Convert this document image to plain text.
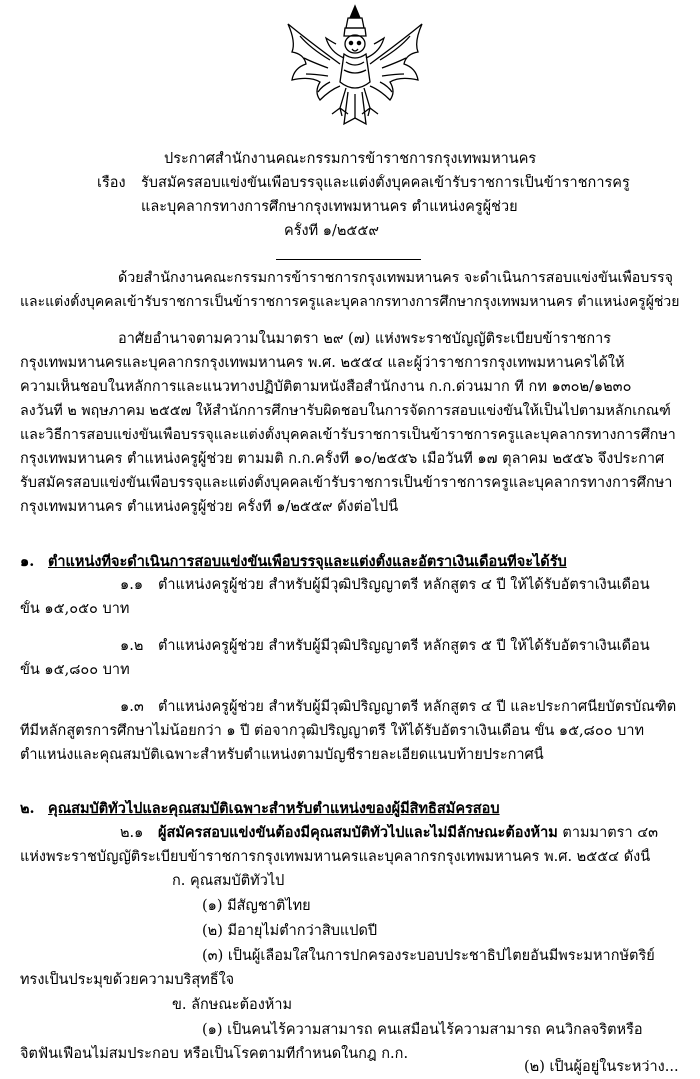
ประกาศสำนักงานคณะกรรมการข้าราชการกรุงเทพมหานคร
เรื่อง รับสมัครสอบแข่งขันเพื่อบรรจุและแต่งตั้งบุคคลเข้ารับราชการเป็นข้าราชการครู
และบุคลากรทางการศึกษากรุงเทพมหานคร ตำแหน่งครูผู้ช่วย
ครั้งที่ ๑/๒๕๕๙
ด้วยสำนักงานคณะกรรมการข้าราชการกรุงเทพมหานคร จะดำเนินการสอบแข่งขันเพื่อบรรจุ
และแต่งตั้งบุคคลเข้ารับราชการเป็นข้าราชการครูและบุคลากรทางการศึกษากรุงเทพมหานคร ตำแหน่งครูผู้ช่วย
อาศัยอำนาจตามความในมาตรา ๒๙ (๗) แห่งพระราชบัญญัติระเบียบข้าราชการ
กรุงเทพมหานครและบุคลากรกรุงเทพมหานคร พ.ศ. ๒๕๕๔ และผู้ว่าราชการกรุงเทพมหานครได้ให้
ความเห็นชอบในหลักการและแนวทางปฏิบัติตามหนังสือสำนักงาน ก.ก.ด่วนมาก ที่ กท ๑๓๐๒/๑๒๓๐
ลงวันที่ ๒ พฤษภาคม ๒๕๕๗ ให้สำนักการศึกษารับผิดชอบในการจัดการสอบแข่งขันให้เป็นไปตามหลักเกณฑ์
และวิธีการสอบแข่งขันเพื่อบรรจุและแต่งตั้งบุคคลเข้ารับราชการเป็นข้าราชการครูและบุคลากรทางการศึกษา
กรุงเทพมหานคร ตำแหน่งครูผู้ช่วย ตามมติ ก.ก.ครั้งที่ ๑๐/๒๕๕๖ เมื่อวันที่ ๑๗ ตุลาคม ๒๕๕๖ จึงประกาศ
รับสมัครสอบแข่งขันเพื่อบรรจุและแต่งตั้งบุคคลเข้ารับราชการเป็นข้าราชการครูและบุคลากรทางการศึกษา
กรุงเทพมหานคร ตำแหน่งครูผู้ช่วย ครั้งที่ ๑/๒๕๕๙ ดังต่อไปนี้
๑. ตำแหน่งที่จะดำเนินการสอบแข่งขันเพื่อบรรจุและแต่งตั้งและอัตราเงินเดือนที่จะได้รับ
๑.๑ ตำแหน่งครูผู้ช่วย สำหรับผู้มีวุฒิปริญญาตรี หลักสูตร ๔ ปี ให้ได้รับอัตราเงินเดือน
ขั้น ๑๕,๐๕๐ บาท
๑.๒ ตำแหน่งครูผู้ช่วย สำหรับผู้มีวุฒิปริญญาตรี หลักสูตร ๕ ปี ให้ได้รับอัตราเงินเดือน
ขั้น ๑๕,๘๐๐ บาท
๑.๓ ตำแหน่งครูผู้ช่วย สำหรับผู้มีวุฒิปริญญาตรี หลักสูตร ๔ ปี และประกาศนียบัตรบัณฑิต
ที่มีหลักสูตรการศึกษาไม่น้อยกว่า ๑ ปี ต่อจากวุฒิปริญญาตรี ให้ได้รับอัตราเงินเดือน ขั้น ๑๕,๘๐๐ บาท
ตำแหน่งและคุณสมบัติเฉพาะสำหรับตำแหน่งตามบัญชีรายละเอียดแนบท้ายประกาศนี้
๒. คุณสมบัติทั่วไปและคุณสมบัติเฉพาะสำหรับตำแหน่งของผู้มีสิทธิสมัครสอบ
๒.๑ ผู้สมัครสอบแข่งขันต้องมีคุณสมบัติทั่วไปและไม่มีลักษณะต้องห้าม ตามมาตรา ๔๓
แห่งพระราชบัญญัติระเบียบข้าราชการกรุงเทพมหานครและบุคลากรกรุงเทพมหานคร พ.ศ. ๒๕๕๔ ดังนี้
ก. คุณสมบัติทั่วไป
(๑) มีสัญชาติไทย
(๒) มีอายุไม่ต่ำกว่าสิบแปดปี
(๓) เป็นผู้เลื่อมใสในการปกครองระบอบประชาธิปไตยอันมีพระมหากษัตริย์
ทรงเป็นประมุขด้วยความบริสุทธิ์ใจ
ข. ลักษณะต้องห้าม
(๑) เป็นคนไร้ความสามารถ คนเสมือนไร้ความสามารถ คนวิกลจริตหรือ
จิตฟั่นเฟือนไม่สมประกอบ หรือเป็นโรคตามที่กำหนดในกฎ ก.ก.
(๒) เป็นผู้อยู่ในระหว่าง...
